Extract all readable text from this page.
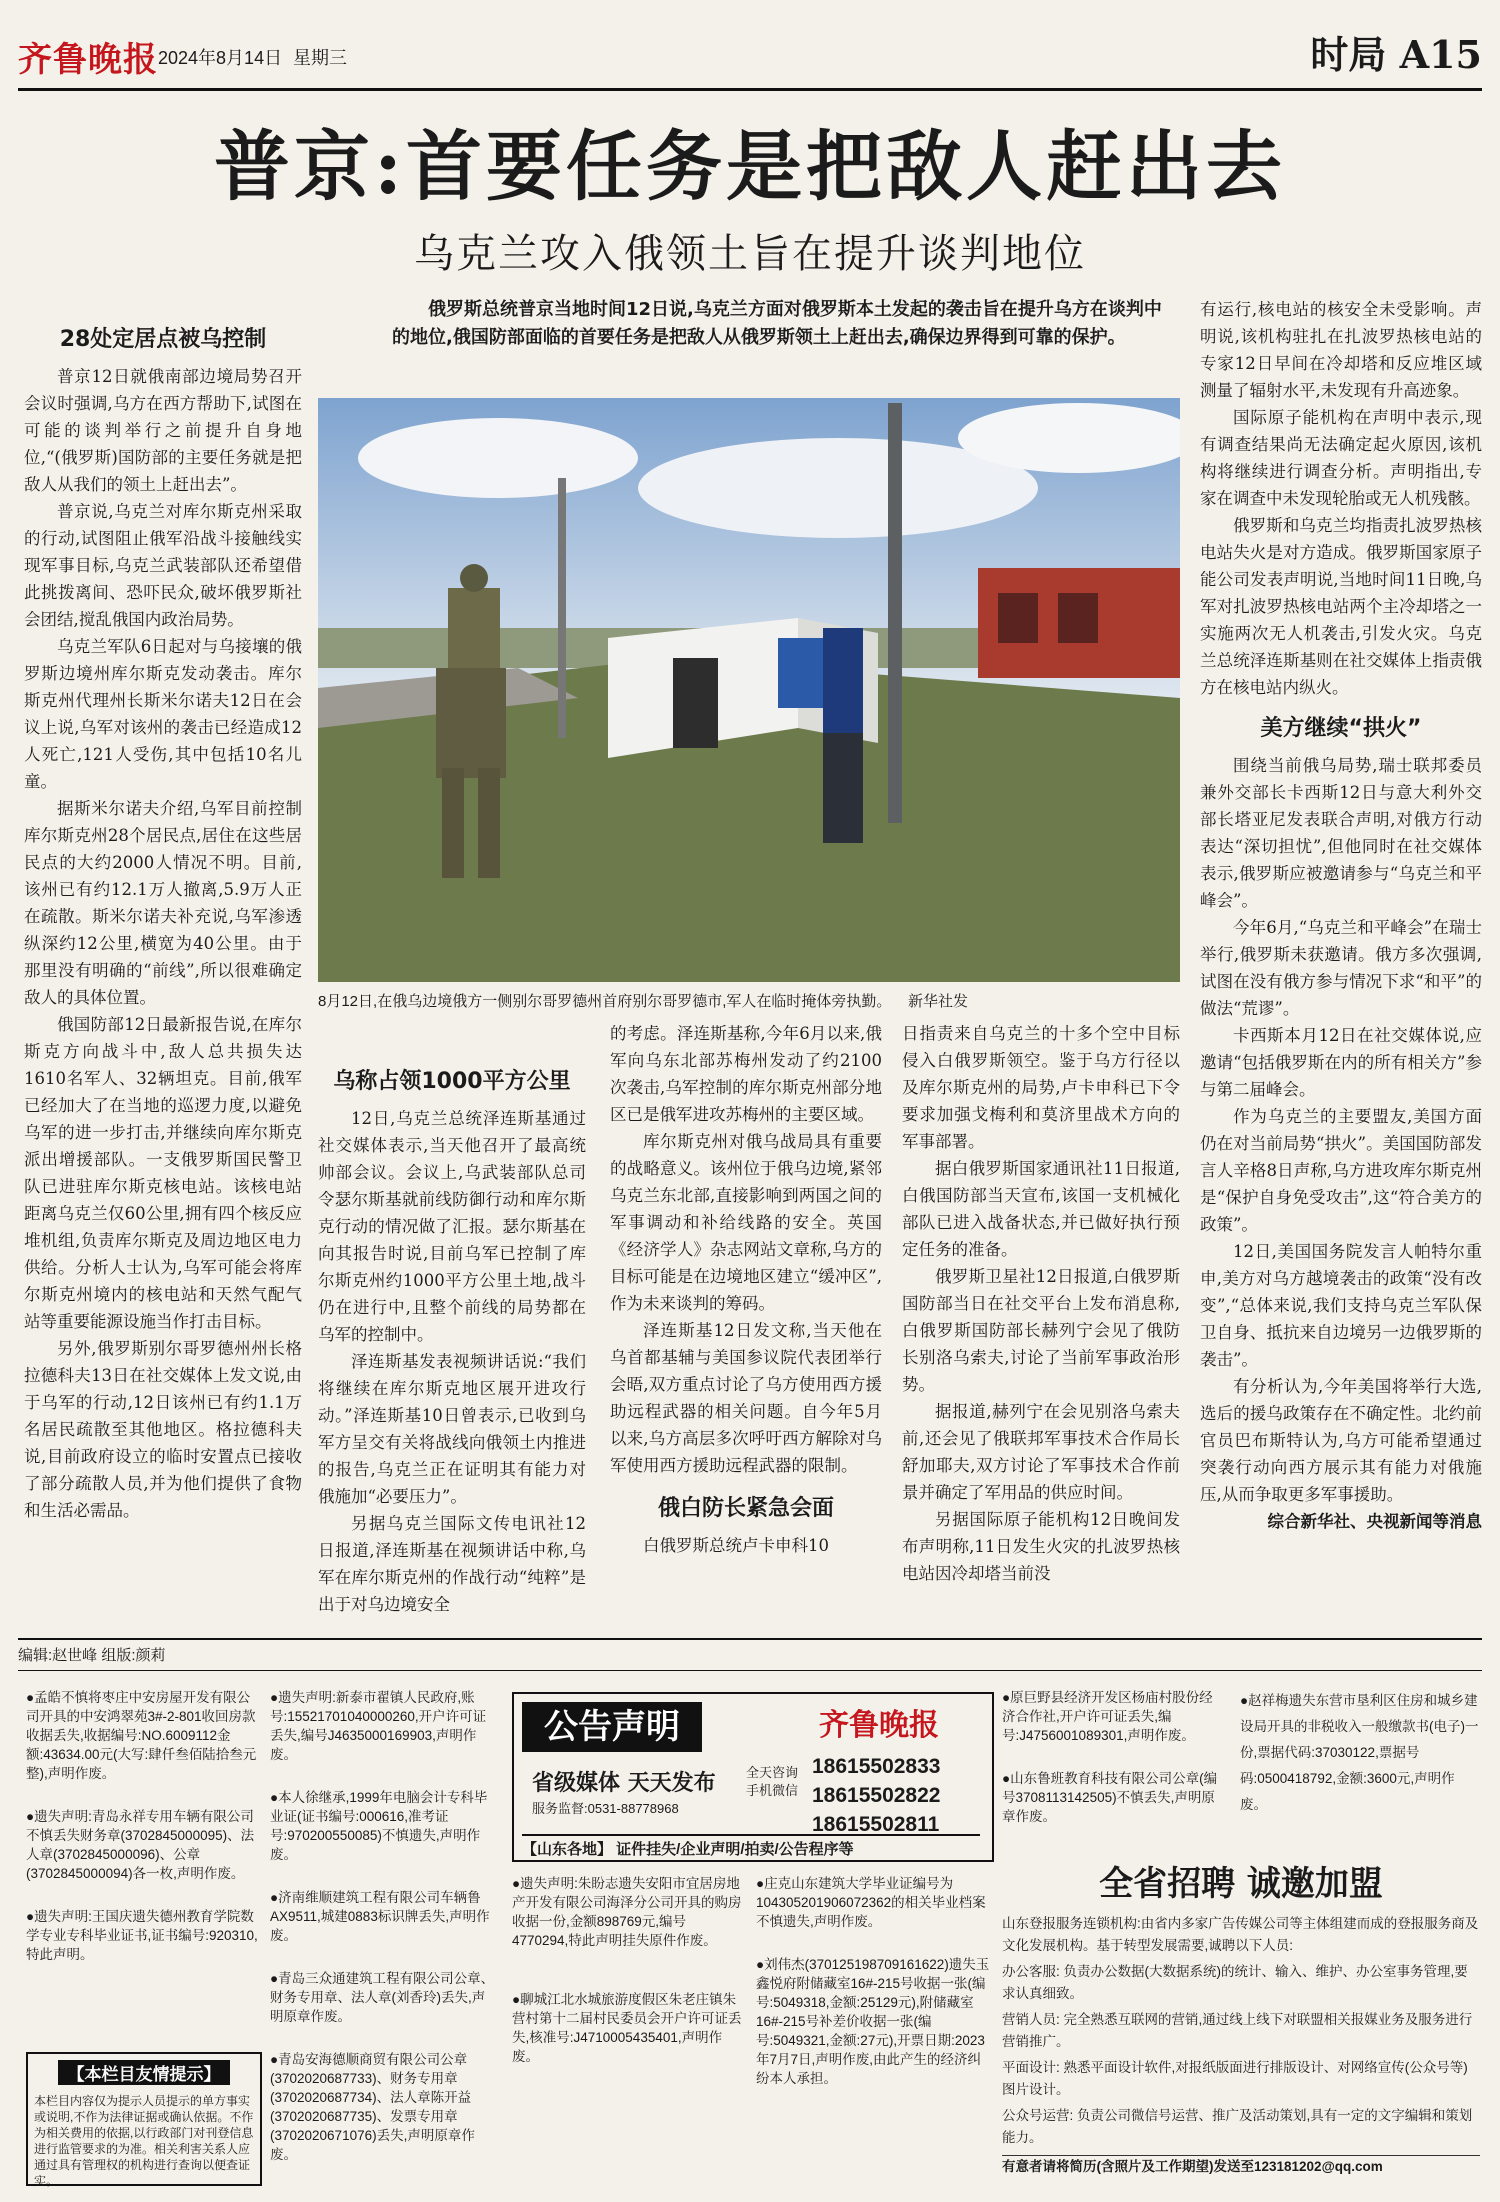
齐鲁晚报 2024年8月14日 星期三	时局 A15
普京:首要任务是把敌人赶出去
乌克兰攻入俄领土旨在提升谈判地位
俄罗斯总统普京当地时间12日说,乌克兰方面对俄罗斯本土发起的袭击旨在提升乌方在谈判中的地位,俄国防部面临的首要任务是把敌人从俄罗斯领土上赶出去,确保边界得到可靠的保护。
8月12日,在俄乌边境俄方一侧别尔哥罗德州首府别尔哥罗德市,军人在临时掩体旁执勤。 新华社发
28处定居点被乌控制

普京12日就俄南部边境局势召开会议时强调,乌方在西方帮助下,试图在可能的谈判举行之前提升自身地位,“(俄罗斯)国防部的主要任务就是把敌人从我们的领土上赶出去”。

普京说,乌克兰对库尔斯克州采取的行动,试图阻止俄军沿战斗接触线实现军事目标,乌克兰武装部队还希望借此挑拨离间、恐吓民众,破坏俄罗斯社会团结,搅乱俄国内政治局势。

乌克兰军队6日起对与乌接壤的俄罗斯边境州库尔斯克发动袭击。库尔斯克州代理州长斯米尔诺夫12日在会议上说,乌军对该州的袭击已经造成12人死亡,121人受伤,其中包括10名儿童。

据斯米尔诺夫介绍,乌军目前控制库尔斯克州28个居民点,居住在这些居民点的大约2000人情况不明。目前,该州已有约12.1万人撤离,5.9万人正在疏散。斯米尔诺夫补充说,乌军渗透纵深约12公里,横宽为40公里。由于那里没有明确的“前线”,所以很难确定敌人的具体位置。

俄国防部12日最新报告说,在库尔斯克方向战斗中,敌人总共损失达1610名军人、32辆坦克。目前,俄军已经加大了在当地的巡逻力度,以避免乌军的进一步打击,并继续向库尔斯克派出增援部队。一支俄罗斯国民警卫队已进驻库尔斯克核电站。该核电站距离乌克兰仅60公里,拥有四个核反应堆机组,负责库尔斯克及周边地区电力供给。分析人士认为,乌军可能会将库尔斯克州境内的核电站和天然气配气站等重要能源设施当作打击目标。

另外,俄罗斯别尔哥罗德州州长格拉德科夫13日在社交媒体上发文说,由于乌军的行动,12日该州已有约1.1万名居民疏散至其他地区。格拉德科夫说,目前政府设立的临时安置点已接收了部分疏散人员,并为他们提供了食物和生活必需品。

乌称占领1000平方公里

12日,乌克兰总统泽连斯基通过社交媒体表示,当天他召开了最高统帅部会议。会议上,乌武装部队总司令瑟尔斯基就前线防御行动和库尔斯克行动的情况做了汇报。瑟尔斯基在向其报告时说,目前乌军已控制了库尔斯克州约1000平方公里土地,战斗仍在进行中,且整个前线的局势都在乌军的控制中。

泽连斯基发表视频讲话说:“我们将继续在库尔斯克地区展开进攻行动。”泽连斯基10日曾表示,已收到乌军方呈交有关将战线向俄领土内推进的报告,乌克兰正在证明其有能力对俄施加“必要压力”。

另据乌克兰国际文传电讯社12日报道,泽连斯基在视频讲话中称,乌军在库尔斯克州的作战行动“纯粹”是出于对乌边境安全

的考虑。泽连斯基称,今年6月以来,俄军向乌东北部苏梅州发动了约2100次袭击,乌军控制的库尔斯克州部分地区已是俄军进攻苏梅州的主要区域。

库尔斯克州对俄乌战局具有重要的战略意义。该州位于俄乌边境,紧邻乌克兰东北部,直接影响到两国之间的军事调动和补给线路的安全。英国《经济学人》杂志网站文章称,乌方的目标可能是在边境地区建立“缓冲区”,作为未来谈判的筹码。

泽连斯基12日发文称,当天他在乌首都基辅与美国参议院代表团举行会晤,双方重点讨论了乌方使用西方援助远程武器的相关问题。自今年5月以来,乌方高层多次呼吁西方解除对乌军使用西方援助远程武器的限制。

俄白防长紧急会面

白俄罗斯总统卢卡申科10

日指责来自乌克兰的十多个空中目标侵入白俄罗斯领空。鉴于乌方行径以及库尔斯克州的局势,卢卡申科已下令要求加强戈梅利和莫济里战术方向的军事部署。

据白俄罗斯国家通讯社11日报道,白俄国防部当天宣布,该国一支机械化部队已进入战备状态,并已做好执行预定任务的准备。

俄罗斯卫星社12日报道,白俄罗斯国防部当日在社交平台上发布消息称,白俄罗斯国防部长赫列宁会见了俄防长别洛乌索夫,讨论了当前军事政治形势。

据报道,赫列宁在会见别洛乌索夫前,还会见了俄联邦军事技术合作局长舒加耶夫,双方讨论了军事技术合作前景并确定了军用品的供应时间。

另据国际原子能机构12日晚间发布声明称,11日发生火灾的扎波罗热核电站因冷却塔当前没

有运行,核电站的核安全未受影响。声明说,该机构驻扎在扎波罗热核电站的专家12日早间在冷却塔和反应堆区域测量了辐射水平,未发现有升高迹象。

国际原子能机构在声明中表示,现有调查结果尚无法确定起火原因,该机构将继续进行调查分析。声明指出,专家在调查中未发现轮胎或无人机残骸。

俄罗斯和乌克兰均指责扎波罗热核电站失火是对方造成。俄罗斯国家原子能公司发表声明说,当地时间11日晚,乌军对扎波罗热核电站两个主冷却塔之一实施两次无人机袭击,引发火灾。乌克兰总统泽连斯基则在社交媒体上指责俄方在核电站内纵火。

美方继续“拱火”

围绕当前俄乌局势,瑞士联邦委员兼外交部长卡西斯12日与意大利外交部长塔亚尼发表联合声明,对俄方行动表达“深切担忧”,但他同时在社交媒体表示,俄罗斯应被邀请参与“乌克兰和平峰会”。

今年6月,“乌克兰和平峰会”在瑞士举行,俄罗斯未获邀请。俄方多次强调,试图在没有俄方参与情况下求“和平”的做法“荒谬”。

卡西斯本月12日在社交媒体说,应邀请“包括俄罗斯在内的所有相关方”参与第二届峰会。

作为乌克兰的主要盟友,美国方面仍在对当前局势“拱火”。美国国防部发言人辛格8日声称,乌方进攻库尔斯克州是“保护自身免受攻击”,这“符合美方的政策”。

12日,美国国务院发言人帕特尔重申,美方对乌方越境袭击的政策“没有改变”,“总体来说,我们支持乌克兰军队保卫自身、抵抗来自边境另一边俄罗斯的袭击”。

有分析认为,今年美国将举行大选,选后的援乌政策存在不确定性。北约前官员巴布斯特认为,乌方可能希望通过突袭行动向西方展示其有能力对俄施压,从而争取更多军事援助。

综合新华社、央视新闻等消息

编辑:赵世峰 组版:颜莉

●孟皓不慎将枣庄中安房屋开发有限公司开具的中安鸿翠苑3#-2-801收回房款收据丢失,收据编号:NO.6009112金额:43634.00元(大写:肆仟叁佰陆拾叁元整),声明作废。

●遗失声明:青岛永祥专用车辆有限公司不慎丢失财务章(3702845000095)、法人章(3702845000096)、公章(3702845000094)各一枚,声明作废。

●遗失声明:王国庆遗失德州教育学院数学专业专科毕业证书,证书编号:920310,特此声明。

【本栏目友情提示】
本栏目内容仅为提示人员提示的单方事实或说明,不作为法律证据或确认依据。不作为相关费用的依据,以行政部门对刊登信息进行监管要求的为准。相关利害关系人应通过具有管理权的机构进行查询以便查证实。

●遗失声明:新泰市翟镇人民政府,账号:15521701040000260,开户许可证丢失,编号J4635000169903,声明作废。

●本人徐继承,1999年电脑会计专科毕业证(证书编号:000616,准考证号:970200550085)不慎遗失,声明作废。

●济南维顺建筑工程有限公司车辆鲁AX9511,城建0883标识牌丢失,声明作废。

●青岛三众通建筑工程有限公司公章、财务专用章、法人章(刘香玲)丢失,声明原章作废。

●青岛安海德顺商贸有限公司公章(3702020687733)、财务专用章(3702020687734)、法人章陈开益(3702020687735)、发票专用章(3702020671076)丢失,声明原章作废。

公告声明	齐鲁晚报
省级媒体 天天发布
服务监督:0531-88778968
全天咨询
手机微信
18615502833
18615502822
18615502811
【山东各地】 证件挂失/企业声明/拍卖/公告程序等

●遗失声明:朱盼志遗失安阳市宜居房地产开发有限公司海泽分公司开具的购房收据一份,金额898769元,编号4770294,特此声明挂失原件作废。

●聊城江北水城旅游度假区朱老庄镇朱营村第十二届村民委员会开户许可证丢失,核准号:J4710005435401,声明作废。

●庄克山东建筑大学毕业证编号为104305201906072362的相关毕业档案不慎遗失,声明作废。

●刘伟杰(370125198709161622)遗失玉鑫悦府附储藏室16#-215号收据一张(编号:5049318,金额:25129元),附储藏室16#-215号补差价收据一张(编号:5049321,金额:27元),开票日期:2023年7月7日,声明作废,由此产生的经济纠纷本人承担。

●原巨野县经济开发区杨庙村股份经济合作社,开户许可证丢失,编号:J4756001089301,声明作废。

●山东鲁班教育科技有限公司公章(编号3708113142505)不慎丢失,声明原章作废。

●赵祥梅遗失东营市垦利区住房和城乡建设局开具的非税收入一般缴款书(电子)一份,票据代码:37030122,票据号码:0500418792,金额:3600元,声明作废。

全省招聘 诚邀加盟
山东登报服务连锁机构:由省内多家广告传媒公司等主体组建而成的登报服务商及文化发展机构。基于转型发展需要,诚聘以下人员:
办公客服: 负责办公数据(大数据系统)的统计、输入、维护、办公室事务管理,要求认真细致。
营销人员: 完全熟悉互联网的营销,通过线上线下对联盟相关报媒业务及服务进行营销推广。
平面设计: 熟悉平面设计软件,对报纸版面进行排版设计、对网络宣传(公众号等)图片设计。
公众号运营: 负责公司微信号运营、推广及活动策划,具有一定的文字编辑和策划能力。
有意者请将简历(含照片及工作期望)发送至123181202@qq.com
